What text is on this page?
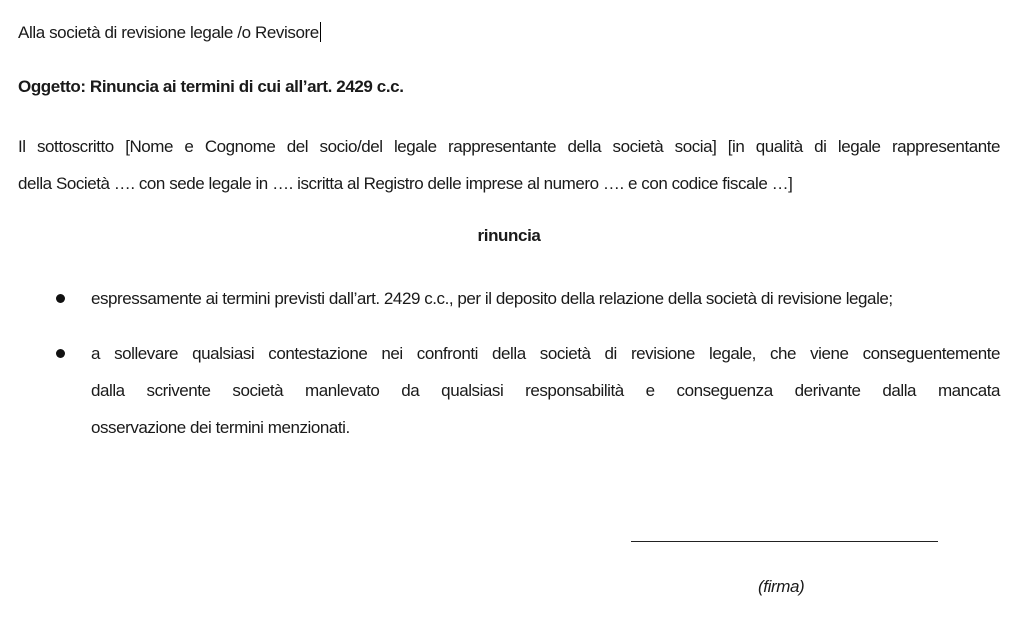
Alla società di revisione legale /o Revisore
Oggetto: Rinuncia ai termini di cui all’art. 2429 c.c.

Il sottoscritto [Nome e Cognome del socio/del legale rappresentante della società socia] [in qualità di legale rappresentante
della Società …. con sede legale in …. iscritta al Registro delle imprese al numero …. e con codice fiscale …]

rinuncia
espressamente ai termini previsti dall’art. 2429 c.c., per il deposito della relazione della società di revisione legale;
a sollevare qualsiasi contestazione nei confronti della società di revisione legale, che viene conseguentemente
dalla scrivente società manlevato da qualsiasi responsabilità e conseguenza derivante dalla mancata
osservazione dei termini menzionati.
(firma)
